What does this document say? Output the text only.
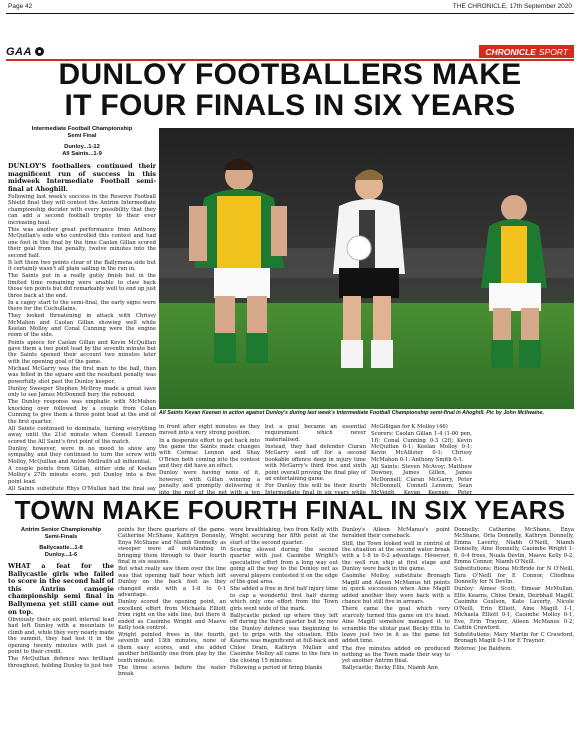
Page 42	THE CHRONICLE, 17th September 2020
GAA	CHRONICLE SPORT
DUNLOY FOOTBALLERS MAKE
IT FOUR FINALS IN SIX YEARS
Intermediate Football Championship
Semi Final
Dunloy...1-12
All Saints...1-9

DUNLOY'S footballers continued their magnificent run of success in this midweek Intermediate Football semi-final at Ahoghill.

Following last week's success in the Reserve Football Shield final they will contest the Antrim Intermediate championship decider with every possibility that they can add a second football trophy to their ever increasing haul.

This was another great performance from Anthony McQuillan's side who controlled this contest and had one foot in the final by the time Caolan Gillan scored their goal from the penalty, twelve minutes into the second half.

It left them two points clear of the Ballymena side but it certainly wasn't all plain sailing in the run in.

The Saints put in a really gutsy finish but in the limited time remaining were unable to claw back those ten points but did remarkably well to end up just three back at the end.

In a cagey start to the semi-final, the early signs were there for the Cuchullains.

They looked threatening in attack with Chrissy McMahon and Caolan Gillan showing well while Keelan Molloy and Conal Cunning were the engine room of the side.

Points apiece for Caolan Gillan and Kevin McQuillan gave them a two point lead by the seventh minute but the Saints opened their account two minutes later with the opening goal of the game.

Michael McGarry was the first man to the ball, then was felled in the square and the resultant penalty was powerfully shot past the Dunloy keeper.

Dunloy Sweeper Stephen McIlroy made a great save only to see James McDonnell bury the rebound.

The Dunloy response was emphatic with McMahon knocking over followed by a couple from Colan Cunning to give them a three point lead at the end of the first quarter.

All Saints continued to dominate, turning everything away until the 21st minute when Connell Lennon scored the All Saint's first point of the match.

Dunloy, however, were in no mood to show any sympathy, and they continued to turn the screw with Molloy, McQuillan and Anton Mellraith all influential.

A couple points from Gillan, either side of Keelan Molloy's 27th minute score, put Dunloy into a five point lead.

All Saints substitute Rhys O'Mullan had the final say

All Saints Kevan Keenan in action against Dunloy's during last week's Intermediate Football Championship semi-final in Ahoghill. Pic by John McIlwaine.

in front after eight minutes as they moved into a very strong position.

In a desperate effort to get back into the game the Saints made changes with Cormac Lennon and Shay O'Brien both coming into the contest and they did have an effect.

Dunloy were having none of it, however, with Gillan winning a penalty and promptly delivering it into the roof of the net with a ten

but a goal became an essential requirement which never materialised.

Instead, they had defender Ciaran McGarry sent off for a second bookable offence deep in injury time with McGarry's third free and sixth point overall proving the final play of an entertaining game.

For Dunloy this will be their fourth Intermediate final in six years while

McGilligan for K Molloy (46)

Scorers: Caolan Gillan 1-4 (1-00 pen, 1f); Conal Cunning 0-3 (2f); Kevin McQuillan 0-1; Keelan Molloy 0-1; Kevin McAllister 0-1; Chrissy McMahon 0-1; Anthony Smith 0-1.

All Saints: Steven McAvoy; Matthew Downey, James Gillen, James McDonnell; Ciaran McGarry, Peter McDonnell, Connell Lennon; Sean McVeigh, Kevan Keenan; Peter

TOWN MAKE FOURTH FINAL IN SIX YEARS
Antrim Senior Championship
Semi-Finals
Ballycastle...1-8
Dunloy...1-6

WHAT a feat for the Ballycastle girls who failed to score in the second half of this Antrim camogie championship semi final in Ballymena yet still came out on top.

Obviously their six point interval lead had left Dunloy with a mountain to climb and, while they very nearly made the summit, they had lost it in the opening twenty minutes with just a point to their credit.

The McQuillan defence was brilliant throughout, holding Dunloy to just two

points for there quarters of the game. Catherine McShane, Kathryn Donnelly, Enya McShane and Niamh Donnelly as sweeper were all outstanding in bringing them through to their fourth final in six seasons.

But what really saw them over the line was that opening half hour which left Dunloy on the back foot as they changed ends with a 1-8 to 0-1 advantage.

Dunloy scored the opening point, an excellent effort from Michaela Elliott from right on the side line, but there it ended as Caoimhe Wright and Maeve Kelly took control.

Wright pointed frees in the fourth, seventh and 13th minutes, none of them easy scores, and she added another brilliantly one from play by the tenth minute.

The three scores before the water break

were breathtaking, two from Kelly with Wright securing her fifth point at the start of the second quarter.

Scoring slowed during the second quarter with just Caoimhe Wright's speculative effort from a long way out going all the way to the Dunloy net as several players contested it on the edge of the goal area.

She added a free in first half injury time to cap a wonderful first half during which only one effort from the Town girls went wide of the mark.

Ballycastle picked up where they left off during the third quarter but by now the Dunloy defence was beginning to get to grips with the situation. Ellis Kearns was magnificent at full-back and Chloe Drain, Kathryn Mullan and Caoimhe Molloy all came to the fore in the closing 15 minutes.

Following a period of firing blanks

Dunloy's Aileen McManus's point heralded their comeback.

Still, the Town looked well in control of the situation at the second water break with a 1-8 to 0-2 advantage. However, the well run ship at first stage and Dunloy were back in the game.

Caoimhe Molloy, substitute Bronagh Magill and Aileen McManus hit points in quick succession when Aine Magill added another they were back with a chance but still five in arrears.

There came the goal which very scarcely turned this game on it's head. Aine Magill somehow managed it to scramble the sliotar past Becky Ellis to leave just two in it as the game hit added time.

The five minutes added on produced nothing as the Town made their way to yet another Antrim final.

Ballycastle: Becky Ellis, Niamh Ann

Donnelly; Catherine McShane, Enya McShane, Orla Donnelly, Kathryn Donnelly, Emma Laverty, Niabh O'Neill, Niamh Donnelly, Aine Donnelly, Caoimhe Wright 1-6, 0-4 frees, Nuala Devlin, Maeve Kelly 0-2, Emma Connor, Niamh O'Neill.

Substitutions: Riona McBride for N O'Neill, Tara O'Neill for E Connor, Cliodhna Donnelly for N Devlin.

Dunloy: Aimee Scott, Eimear McMullan, Ellis Kearns, Chloe Drain, Deirbhail Magill, Caoimhe Coulson, Kate Laverty, Nicole O'Neill, Erin Elliott, Aine Magill 1-1, Michaela Elliott 0-1, Caoimhe Molloy 0-1, Eve, Erin Traynor, Aileen McManus 0-2, Caitlin Crawford.

Substitutions: Mary Martin for C Crawford, Bronagh Magill 0-1 for E Traynor.

Referee: Joe Baldwin.
